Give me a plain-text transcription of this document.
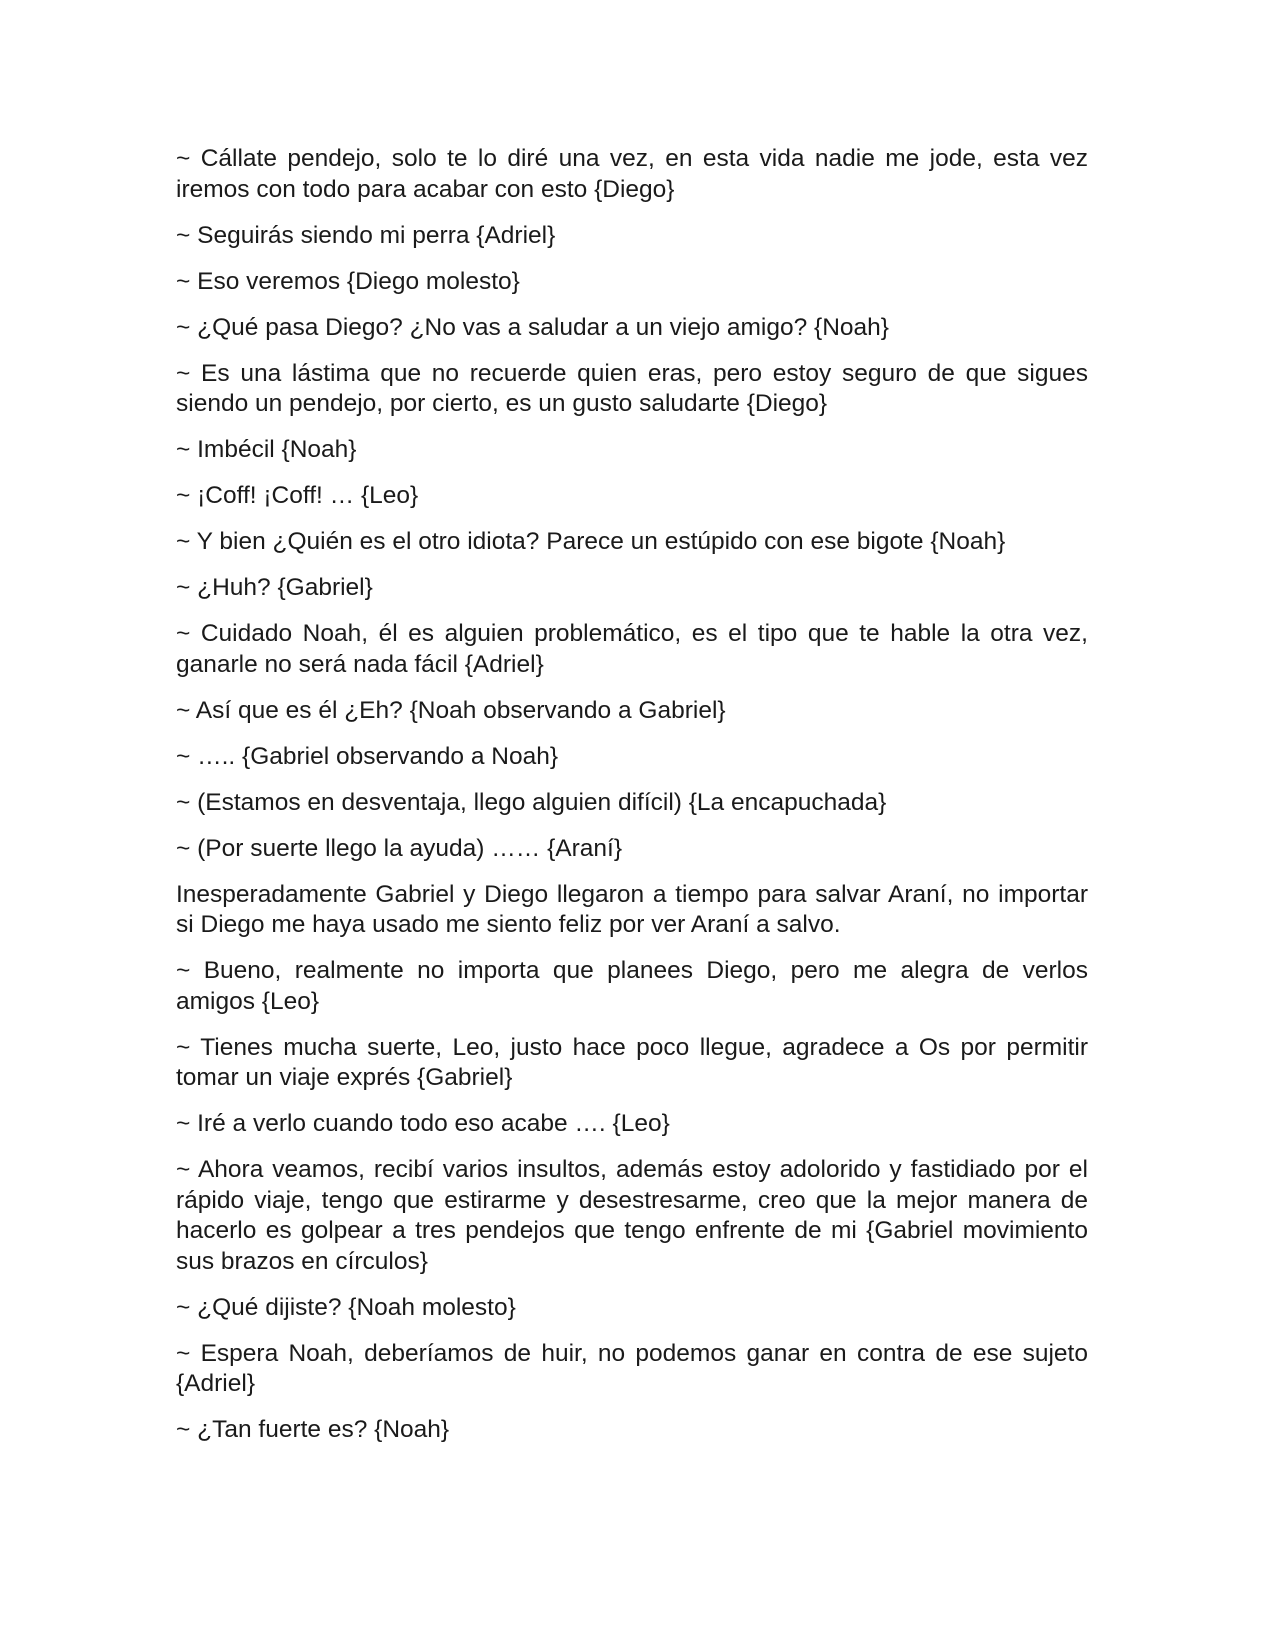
~ Cállate pendejo, solo te lo diré una vez, en esta vida nadie me jode, esta vez iremos con todo para acabar con esto {Diego}

~ Seguirás siendo mi perra {Adriel}

~ Eso veremos {Diego molesto}

~ ¿Qué pasa Diego? ¿No vas a saludar a un viejo amigo? {Noah}

~ Es una lástima que no recuerde quien eras, pero estoy seguro de que sigues siendo un pendejo, por cierto, es un gusto saludarte {Diego}

~ Imbécil {Noah}

~ ¡Coff! ¡Coff! … {Leo}

~ Y bien ¿Quién es el otro idiota? Parece un estúpido con ese bigote {Noah}

~ ¿Huh? {Gabriel}

~ Cuidado Noah, él es alguien problemático, es el tipo que te hable la otra vez, ganarle no será nada fácil {Adriel}

~ Así que es él ¿Eh? {Noah observando a Gabriel}

~ ….. {Gabriel observando a Noah}

~ (Estamos en desventaja, llego alguien difícil) {La encapuchada}

~ (Por suerte llego la ayuda) …… {Araní}

Inesperadamente Gabriel y Diego llegaron a tiempo para salvar Araní, no importar si Diego me haya usado me siento feliz por ver Araní a salvo.

~ Bueno, realmente no importa que planees Diego, pero me alegra de verlos amigos {Leo}

~ Tienes mucha suerte, Leo, justo hace poco llegue, agradece a Os por permitir tomar un viaje exprés {Gabriel}

~ Iré a verlo cuando todo eso acabe …. {Leo}

~ Ahora veamos, recibí varios insultos, además estoy adolorido y fastidiado por el rápido viaje, tengo que estirarme y desestresarme, creo que la mejor manera de hacerlo es golpear a tres pendejos que tengo enfrente de mi {Gabriel movimiento sus brazos en círculos}

~ ¿Qué dijiste? {Noah molesto}

~ Espera Noah, deberíamos de huir, no podemos ganar en contra de ese sujeto {Adriel}

~ ¿Tan fuerte es? {Noah}
